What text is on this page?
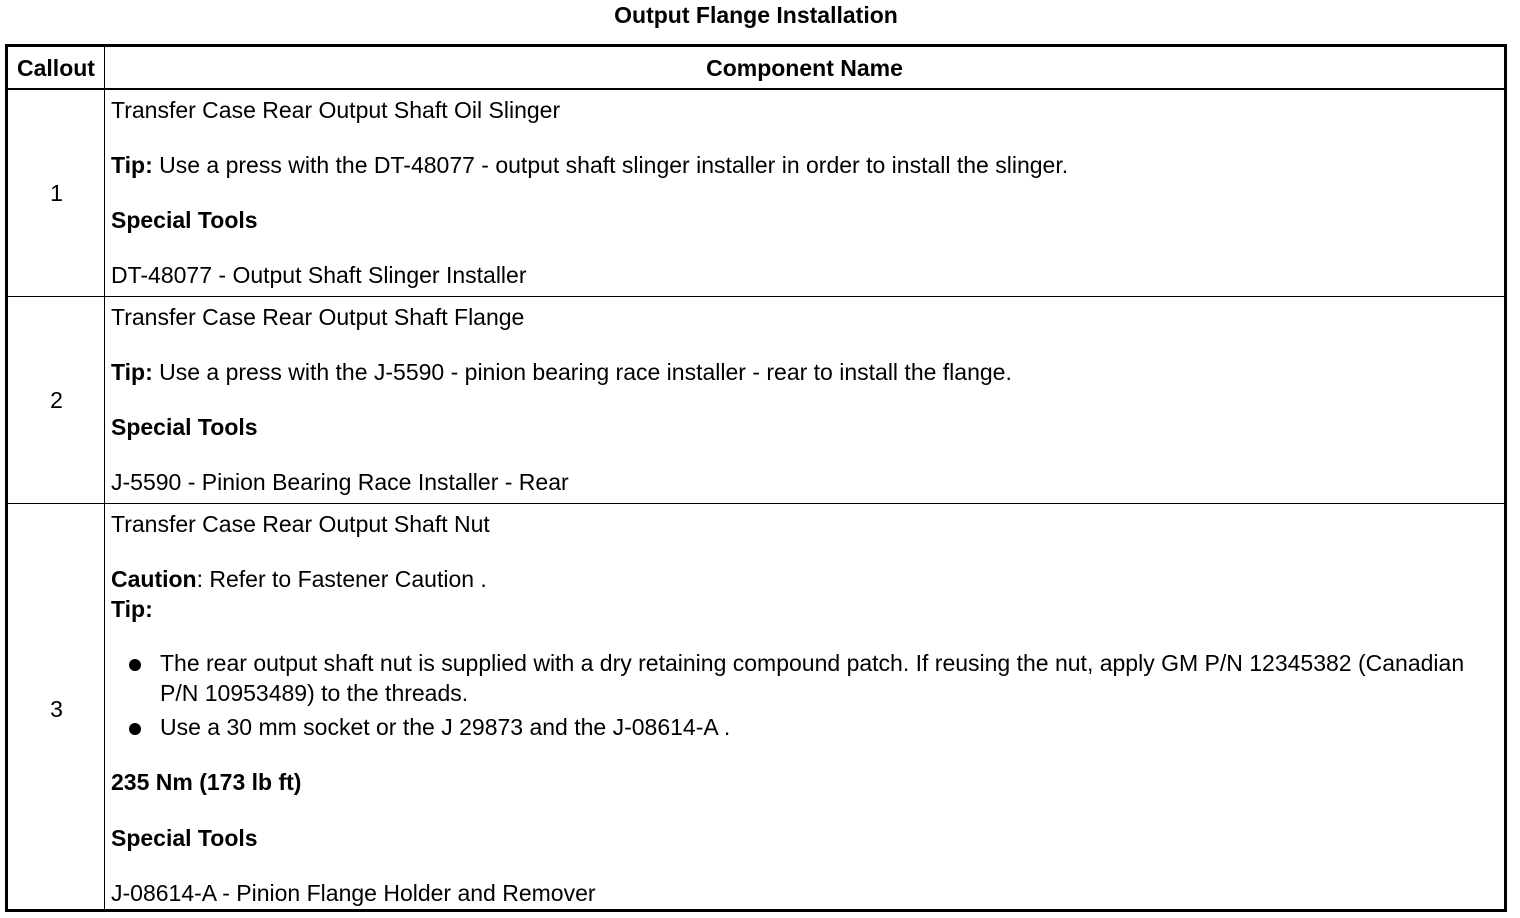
Output Flange Installation
Callout	Component Name
1
Transfer Case Rear Output Shaft Oil Slinger
Tip: Use a press with the DT-48077 - output shaft slinger installer in order to install the slinger.
Special Tools
DT-48077 - Output Shaft Slinger Installer
2
Transfer Case Rear Output Shaft Flange
Tip: Use a press with the J-5590 - pinion bearing race installer - rear to install the flange.
Special Tools
J-5590 - Pinion Bearing Race Installer - Rear
3
Transfer Case Rear Output Shaft Nut
Caution: Refer to Fastener Caution .
Tip:
The rear output shaft nut is supplied with a dry retaining compound patch. If reusing the nut, apply GM P/N 12345382 (Canadian P/N 10953489) to the threads.
Use a 30 mm socket or the J 29873 and the J-08614-A .
235 Nm (173 lb ft)
Special Tools
J-08614-A - Pinion Flange Holder and Remover
